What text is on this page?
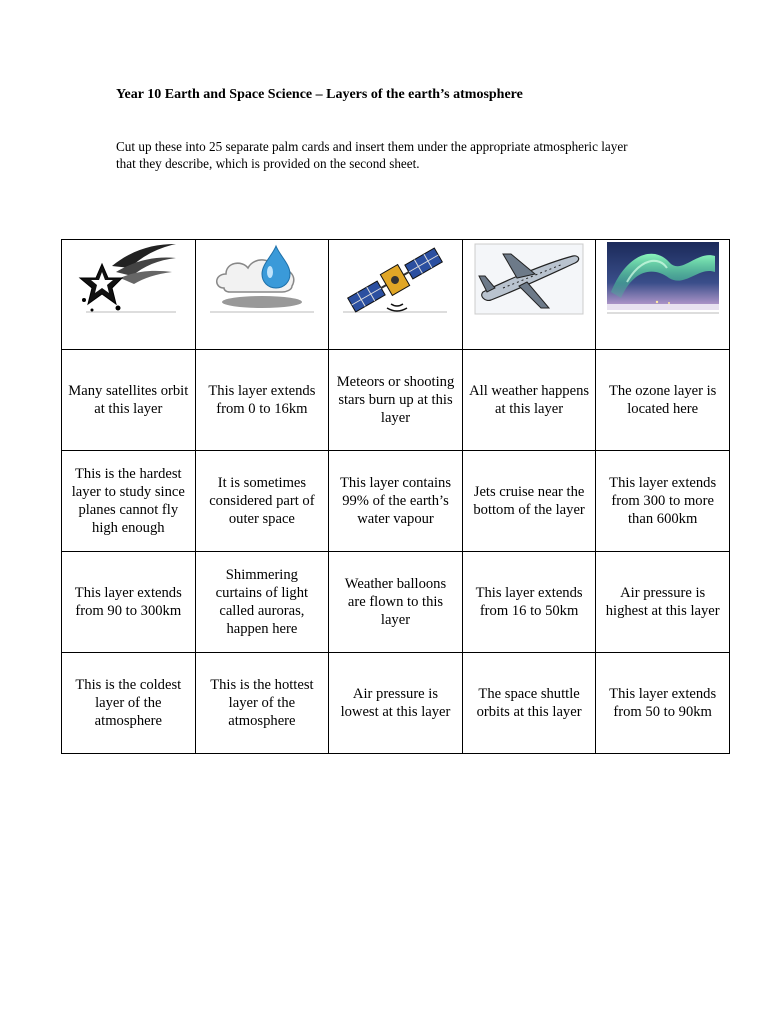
Year 10 Earth and Space Science – Layers of the earth’s atmosphere
Cut up these into 25 separate palm cards and insert them under the appropriate atmospheric layer that they describe, which is provided on the second sheet.

Many satellites orbit at this layer	This layer extends from 0 to 16km	Meteors or shooting stars burn up at this layer	All weather happens at this layer	The ozone layer is located here
This is the hardest layer to study since planes cannot fly high enough	It is sometimes considered part of outer space	This layer contains 99% of the earth’s water vapour	Jets cruise near the bottom of the layer	This layer extends from 300 to more than 600km
This layer extends from 90 to 300km	Shimmering curtains of light called auroras, happen here	Weather balloons are flown to this layer	This layer extends from 16 to 50km	Air pressure is highest at this layer
This is the coldest layer of the atmosphere	This is the hottest layer of the atmosphere	Air pressure is lowest at this layer	The space shuttle orbits at this layer	This layer extends from 50 to 90km
